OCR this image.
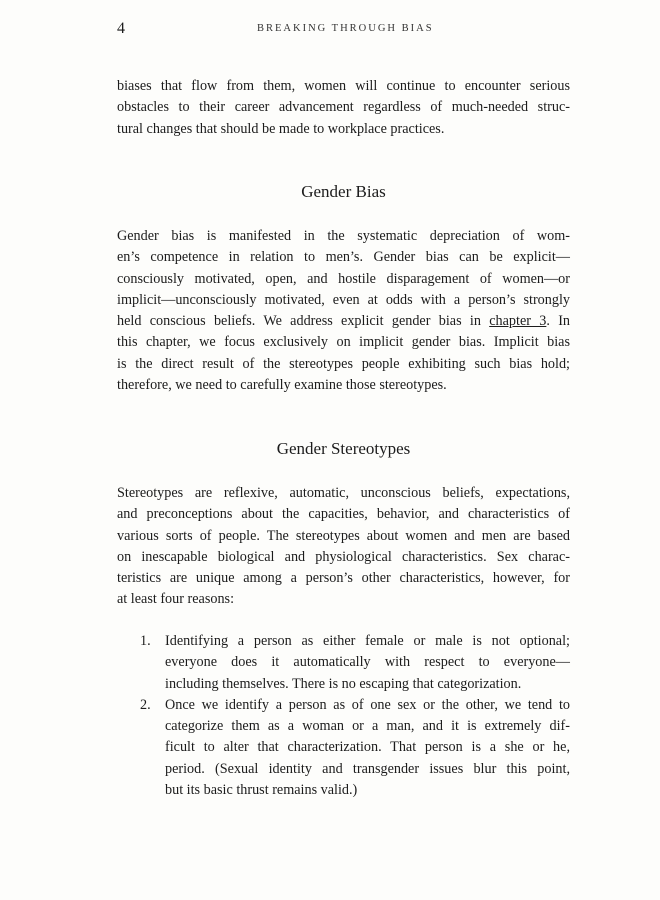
4	BREAKING THROUGH BIAS
biases that flow from them, women will continue to encounter serious
obstacles to their career advancement regardless of much-needed struc-
tural changes that should be made to workplace practices.
Gender Bias
Gender bias is manifested in the systematic depreciation of wom-
en’s competence in relation to men’s. Gender bias can be explicit—
consciously motivated, open, and hostile disparagement of women—or
implicit—unconsciously motivated, even at odds with a person’s strongly
held conscious beliefs. We address explicit gender bias in chapter 3. In
this chapter, we focus exclusively on implicit gender bias. Implicit bias
is the direct result of the stereotypes people exhibiting such bias hold;
therefore, we need to carefully examine those stereotypes.
Gender Stereotypes
Stereotypes are reflexive, automatic, unconscious beliefs, expectations,
and preconceptions about the capacities, behavior, and characteristics of
various sorts of people. The stereotypes about women and men are based
on inescapable biological and physiological characteristics. Sex charac-
teristics are unique among a person’s other characteristics, however, for
at least four reasons:
1. Identifying a person as either female or male is not optional;
everyone does it automatically with respect to everyone—
including themselves. There is no escaping that categorization.
2. Once we identify a person as of one sex or the other, we tend to
categorize them as a woman or a man, and it is extremely dif-
ficult to alter that characterization. That person is a she or he,
period. (Sexual identity and transgender issues blur this point,
but its basic thrust remains valid.)
